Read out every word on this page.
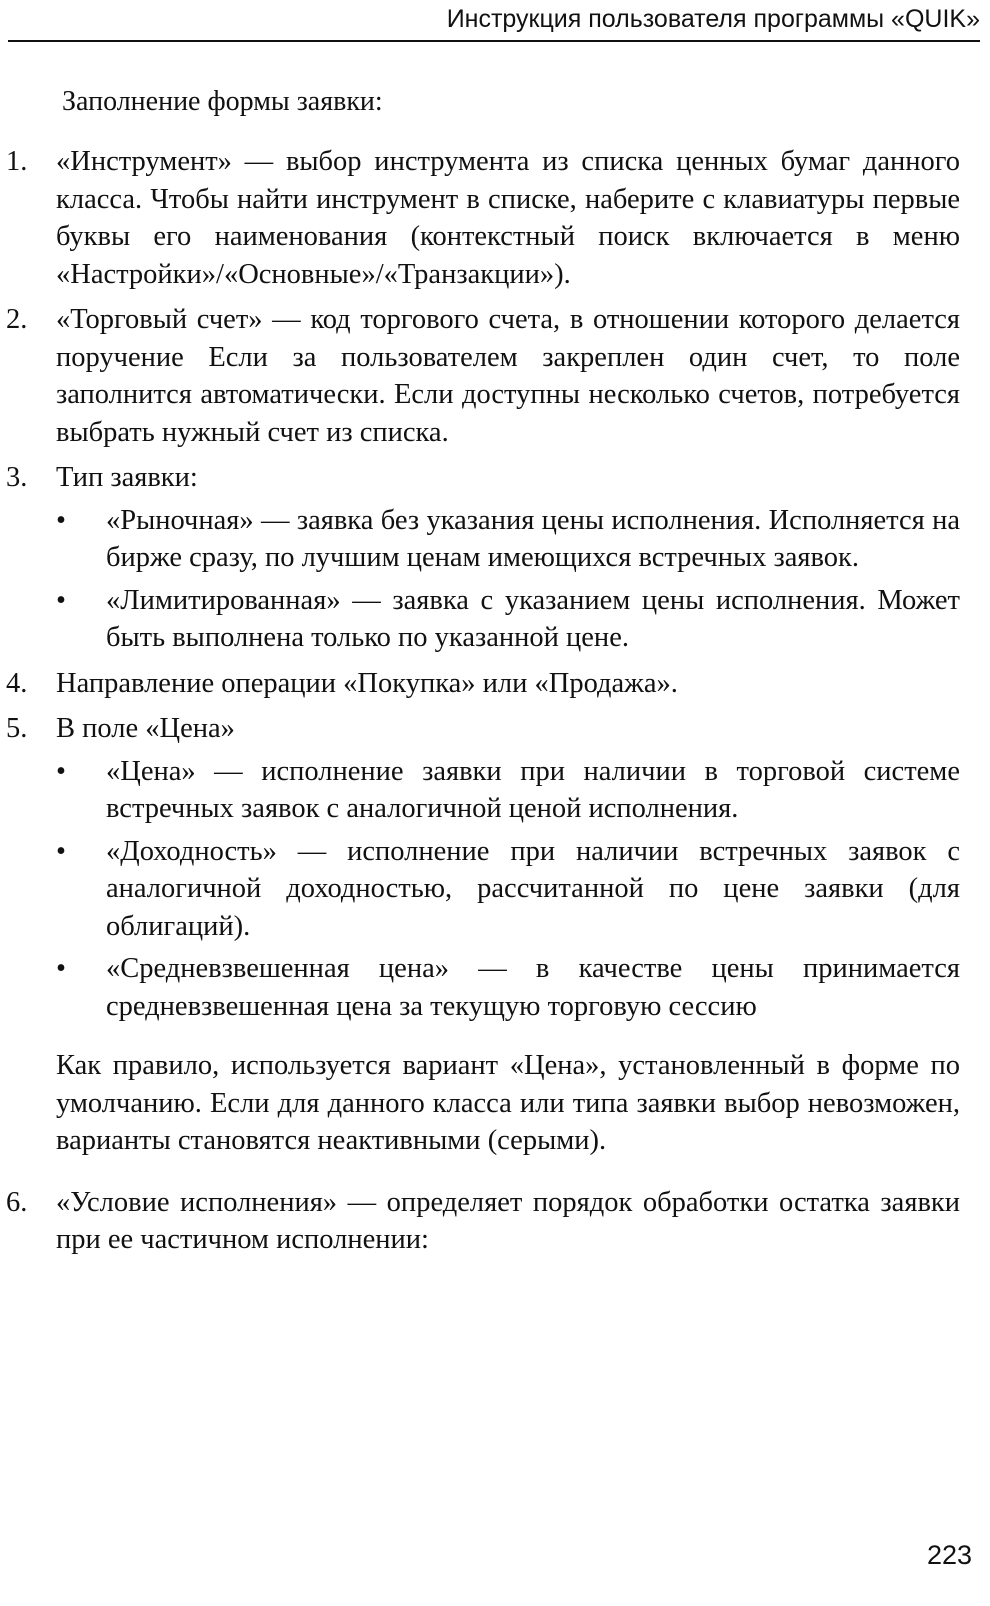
Инструкция пользователя программы «QUIK»
Заполнение формы заявки:
1. «Инструмент» — выбор инструмента из списка ценных бумаг данного класса. Чтобы найти инструмент в списке, наберите с клавиатуры первые буквы его наименования (контекстный поиск включается в меню «Настройки»/«Основные»/«Транзакции»).
2. «Торговый счет» — код торгового счета, в отношении которого делается поручение Если за пользователем закреплен один счет, то поле заполнится автоматически. Если доступны несколько счетов, потребуется выбрать нужный счет из списка.
3. Тип заявки:
• «Рыночная» — заявка без указания цены исполнения. Исполняется на бирже сразу, по лучшим ценам имеющихся встречных заявок.
• «Лимитированная» — заявка с указанием цены исполнения. Может быть выполнена только по указанной цене.
4. Направление операции «Покупка» или «Продажа».
5. В поле «Цена»
• «Цена» — исполнение заявки при наличии в торговой системе встречных заявок с аналогичной ценой исполнения.
• «Доходность» — исполнение при наличии встречных заявок с аналогичной доходностью, рассчитанной по цене заявки (для облигаций).
• «Средневзвешенная цена» — в качестве цены принимается средневзвешенная цена за текущую торговую сессию
Как правило, используется вариант «Цена», установленный в форме по умолчанию. Если для данного класса или типа заявки выбор невозможен, варианты становятся неактивными (серыми).
6. «Условие исполнения» — определяет порядок обработки остатка заявки при ее частичном исполнении:
223
